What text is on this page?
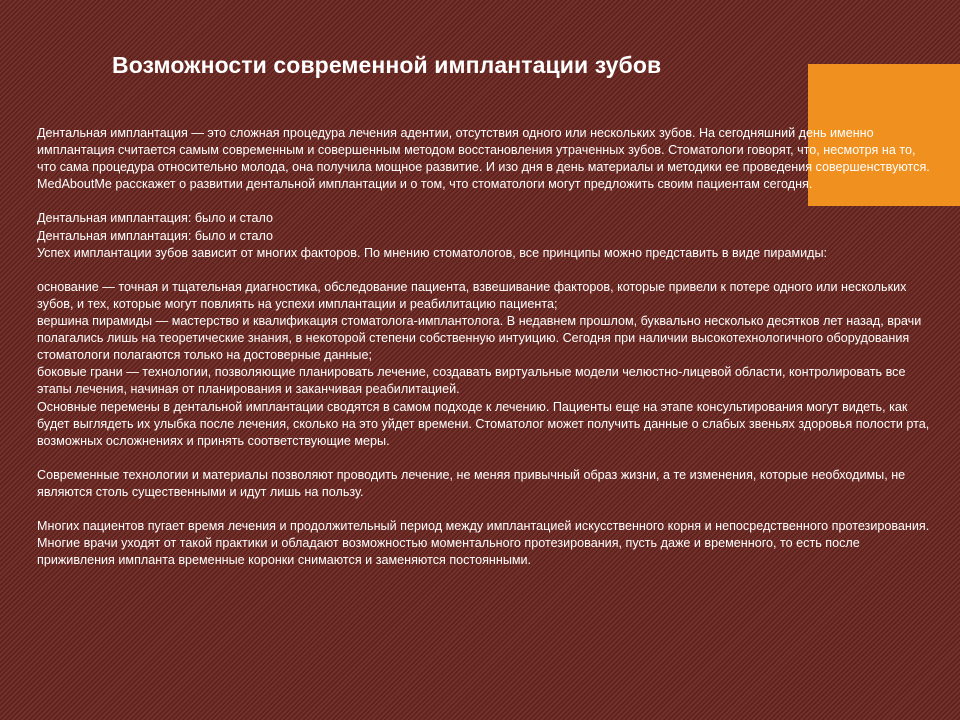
Возможности современной имплантации зубов

Дентальная имплантация — это сложная процедура лечения адентии, отсутствия одного или нескольких зубов. На сегодняшний день именно имплантация считается самым современным и совершенным методом восстановления утраченных зубов. Стоматологи говорят, что, несмотря на то, что сама процедура относительно молода, она получила мощное развитие. И изо дня в день материалы и методики ее проведения совершенствуются. MedAboutMe расскажет о развитии дентальной имплантации и о том, что стоматологи могут предложить своим пациентам сегодня.

Дентальная имплантация: было и стало

Дентальная имплантация: было и стало

Успех имплантации зубов зависит от многих факторов. По мнению стоматологов, все принципы можно представить в виде пирамиды:

основание — точная и тщательная диагностика, обследование пациента, взвешивание факторов, которые привели к потере одного или нескольких зубов, и тех, которые могут повлиять на успехи имплантации и реабилитацию пациента;

вершина пирамиды — мастерство и квалификация стоматолога-имплантолога. В недавнем прошлом, буквально несколько десятков лет назад, врачи полагались лишь на теоретические знания, в некоторой степени собственную интуицию. Сегодня при наличии высокотехнологичного оборудования стоматологи полагаются только на достоверные данные;

боковые грани — технологии, позволяющие планировать лечение, создавать виртуальные модели челюстно-лицевой области, контролировать все этапы лечения, начиная от планирования и заканчивая реабилитацией.

Основные перемены в дентальной имплантации сводятся в самом подходе к лечению. Пациенты еще на этапе консультирования могут видеть, как будет выглядеть их улыбка после лечения, сколько на это уйдет времени. Стоматолог может получить данные о слабых звеньях здоровья полости рта, возможных осложнениях и принять соответствующие меры.

Современные технологии и материалы позволяют проводить лечение, не меняя привычный образ жизни, а те изменения, которые необходимы, не являются столь существенными и идут лишь на пользу.

Многих пациентов пугает время лечения и продолжительный период между имплантацией искусственного корня и непосредственного протезирования. Многие врачи уходят от такой практики и обладают возможностью моментального протезирования, пусть даже и временного, то есть после приживления импланта временные коронки снимаются и заменяются постоянными.
